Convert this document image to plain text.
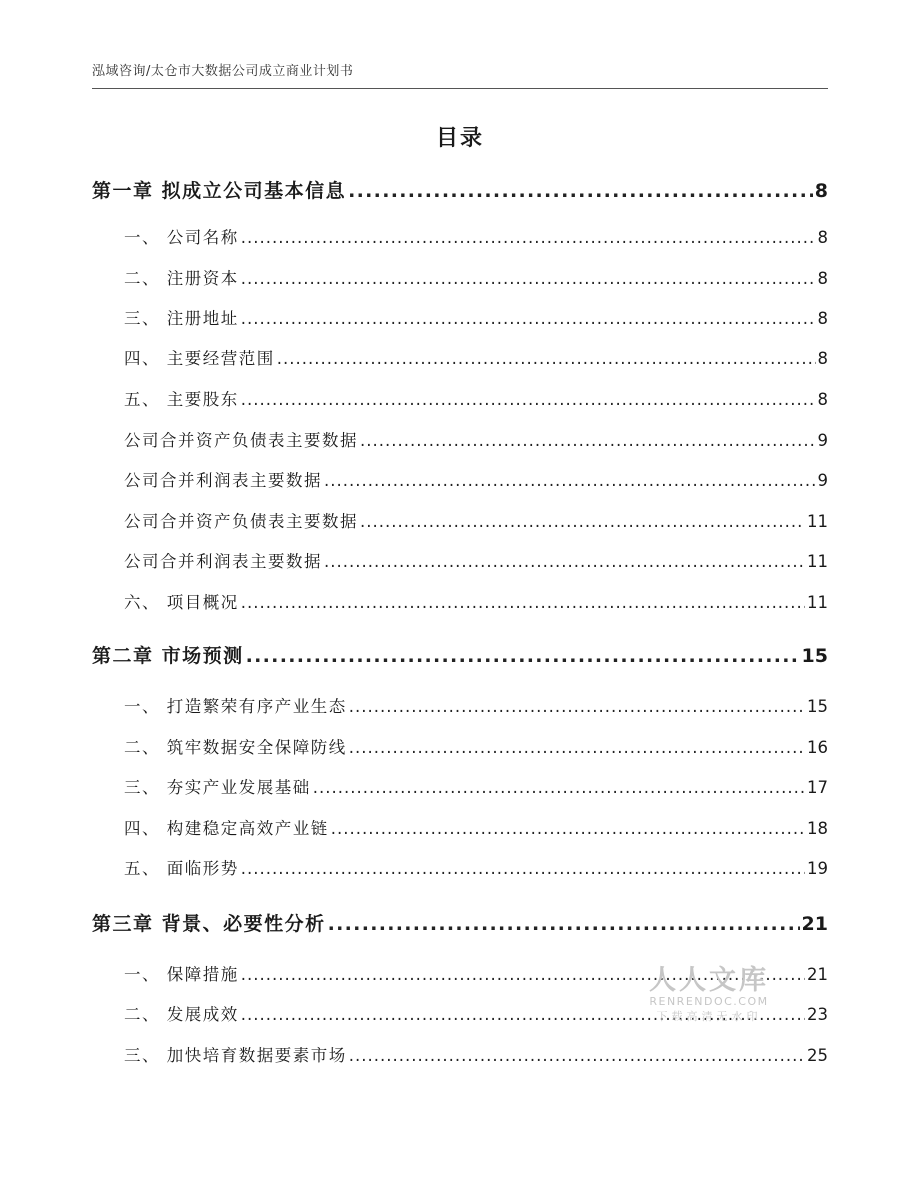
泓域咨询/太仓市大数据公司成立商业计划书
目录
第一章 拟成立公司基本信息 .....	8
一、 公司名称 .....	8
二、 注册资本 .....	8
三、 注册地址 .....	8
四、 主要经营范围 .....	8
五、 主要股东 .....	8
公司合并资产负债表主要数据 .....	9
公司合并利润表主要数据 .....	9
公司合并资产负债表主要数据 .....	11
公司合并利润表主要数据 .....	11
六、 项目概况 .....	11
第二章 市场预测 .....	15
一、 打造繁荣有序产业生态 .....	15
二、 筑牢数据安全保障防线 .....	16
三、 夯实产业发展基础 .....	17
四、 构建稳定高效产业链 .....	18
五、 面临形势 .....	19
第三章 背景、必要性分析 .....	21
一、 保障措施 .....	21
二、 发展成效 .....	23
三、 加快培育数据要素市场 .....	25
人人文库
RENRENDOC.COM
下载高清无水印
